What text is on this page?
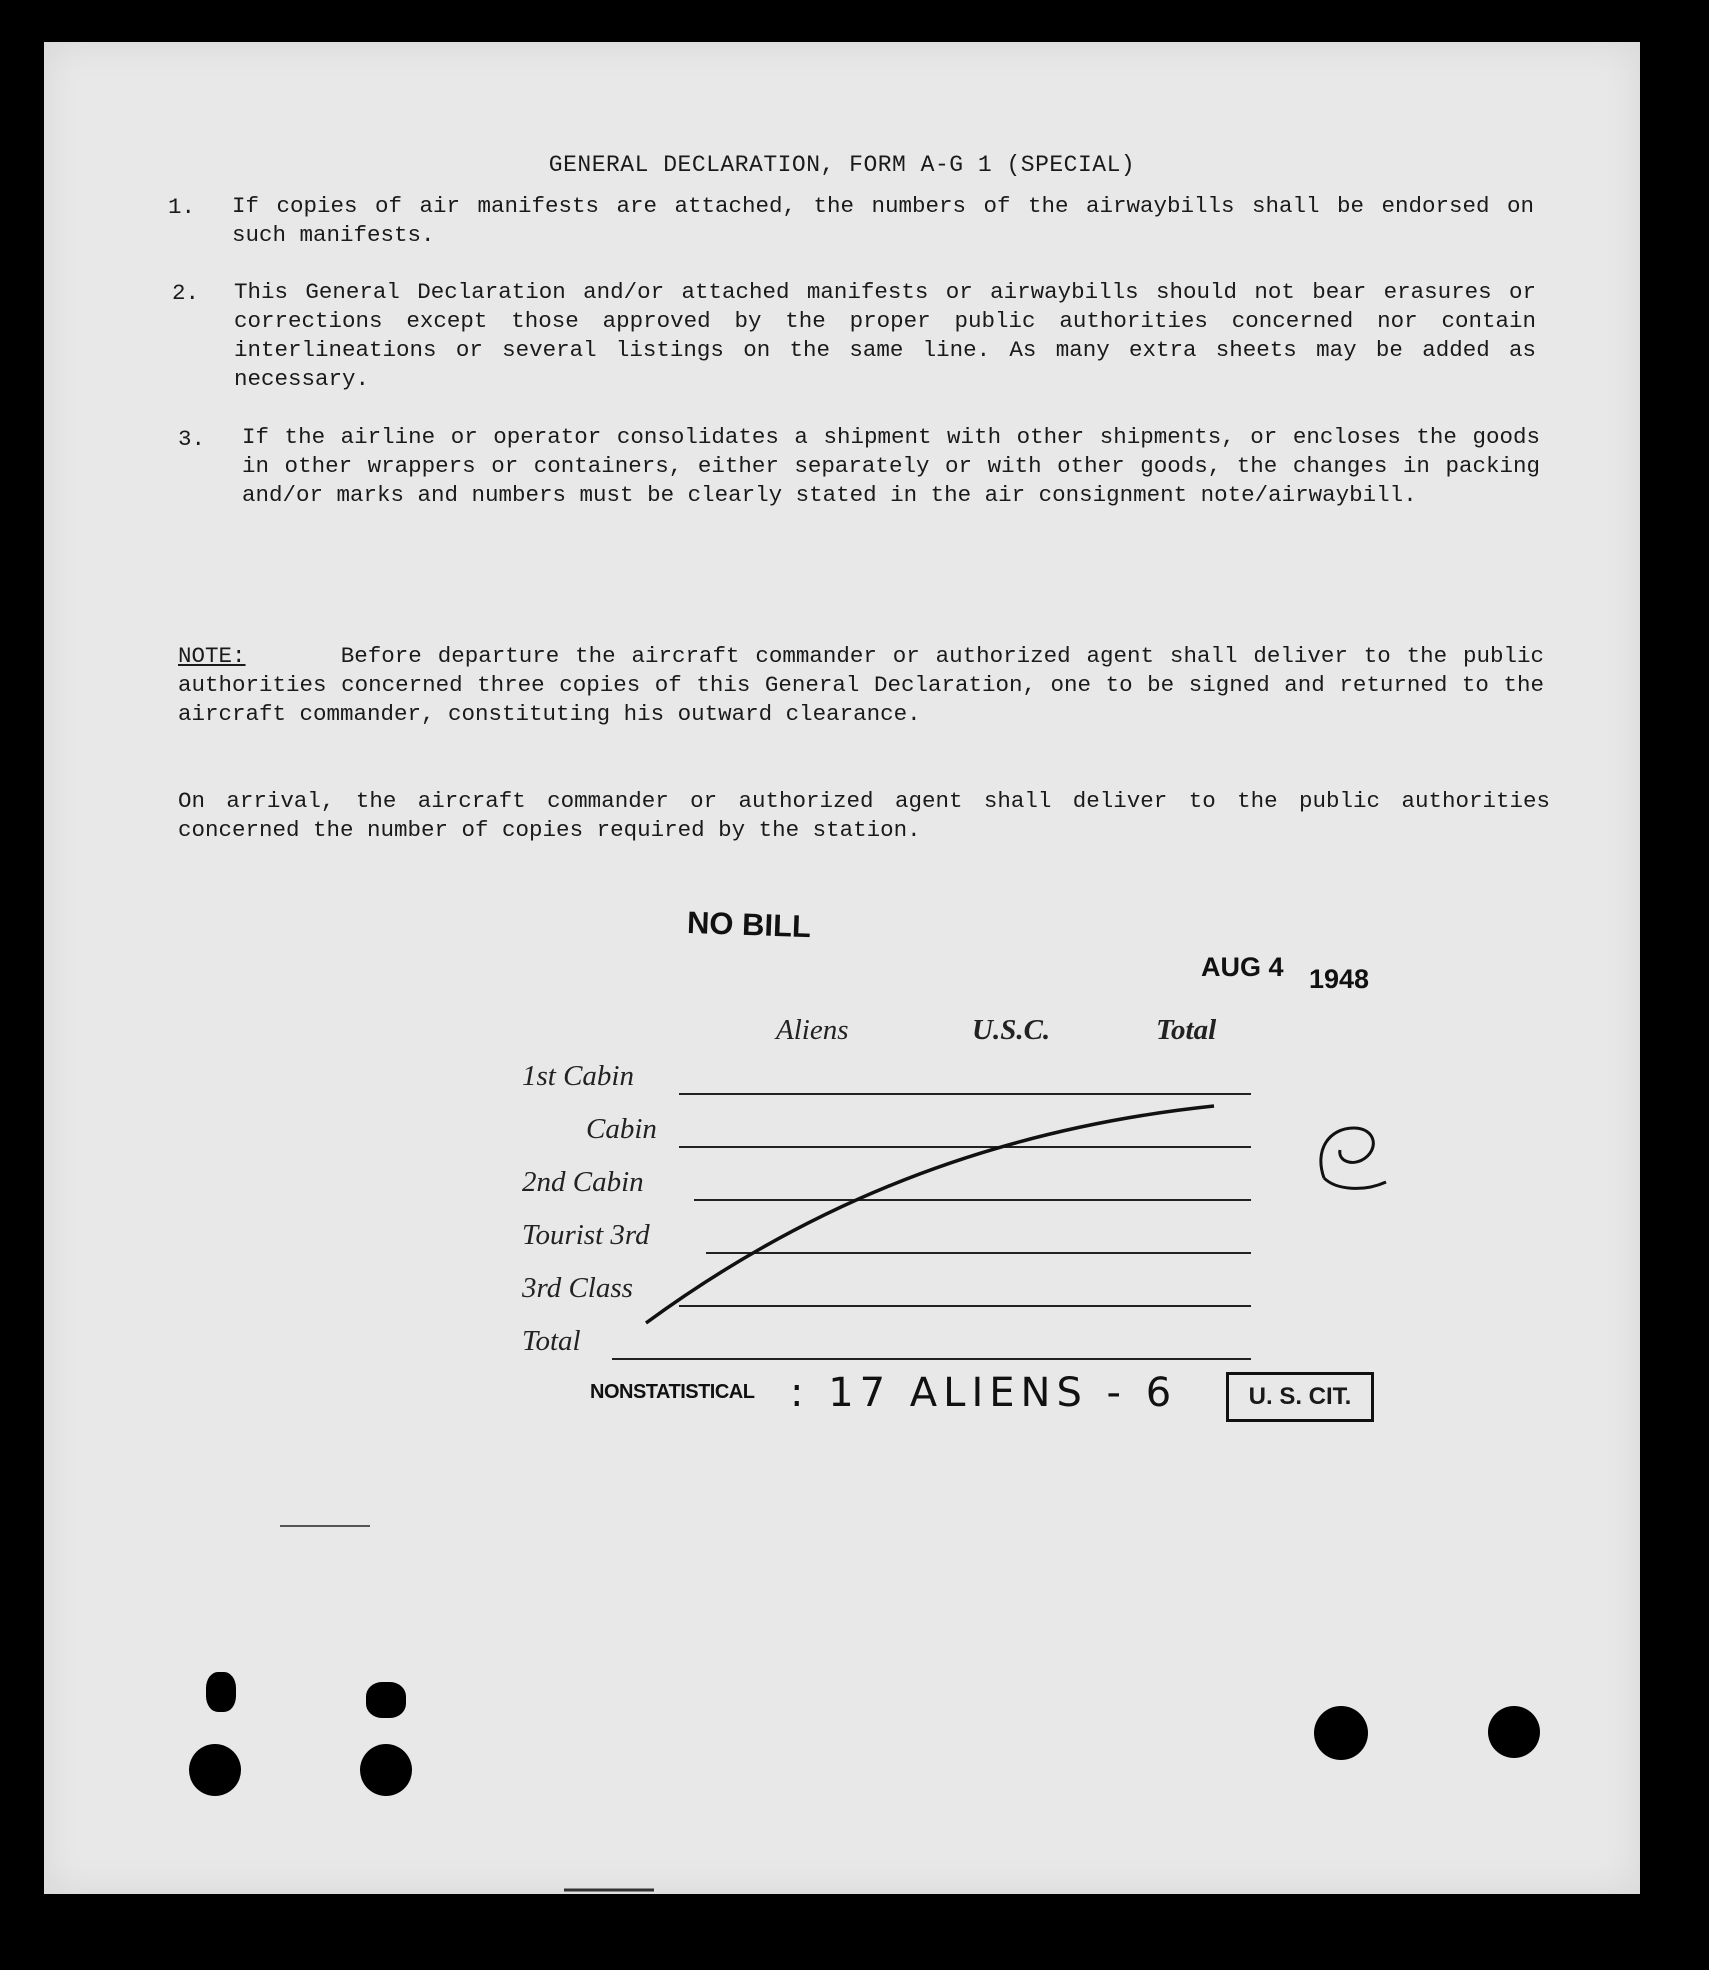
GENERAL DECLARATION, FORM A-G 1 (SPECIAL)
1. If copies of air manifests are attached, the numbers of the airwaybills shall be endorsed on such manifests.
2. This General Declaration and/or attached manifests or airwaybills should not bear erasures or corrections except those approved by the proper public authorities concerned nor contain interlineations or several listings on the same line. As many extra sheets may be added as necessary.
3. If the airline or operator consolidates a shipment with other shipments, or encloses the goods in other wrappers or containers, either separately or with other goods, the changes in packing and/or marks and numbers must be clearly stated in the air consignment note/airwaybill.
NOTE:	Before departure the aircraft commander or authorized agent shall deliver to the public authorities concerned three copies of this General Declaration, one to be signed and returned to the aircraft commander, constituting his outward clearance.
On arrival, the aircraft commander or authorized agent shall deliver to the public authorities concerned the number of copies required by the station.
NO BILL
AUG 4 1948
Aliens	U.S.C.	Total
1st Cabin
Cabin
2nd Cabin
Tourist 3rd
3rd Class
Total
NONSTATISTICAL : 17 ALIENS - 6	U. S. CIT.
